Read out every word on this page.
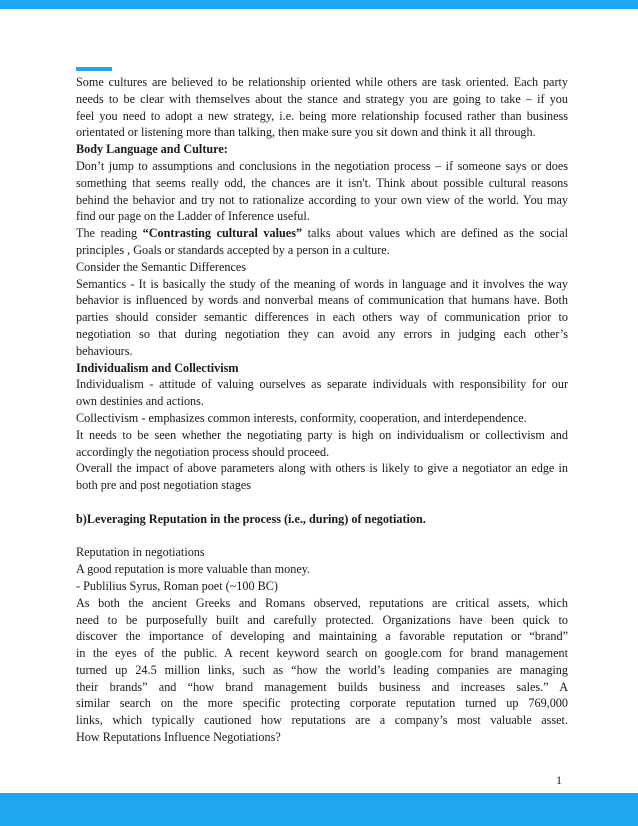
Some cultures are believed to be relationship oriented while others are task oriented. Each party
needs to be clear with themselves about the stance and strategy you are going to take – if you
feel you need to adopt a new strategy, i.e. being more relationship focused rather than business
orientated or listening more than talking, then make sure you sit down and think it all through.
Body Language and Culture:
Don’t jump to assumptions and conclusions in the negotiation process – if someone says or does
something that seems really odd, the chances are it isn't. Think about possible cultural reasons
behind the behavior and try not to rationalize according to your own view of the world. You may
find our page on the Ladder of Inference useful.
The reading “Contrasting cultural values” talks about values which are defined as the social
principles , Goals or standards accepted by a person in a culture.
Consider the Semantic Differences
Semantics - It is basically the study of the meaning of words in language and it involves the way
behavior is influenced by words and nonverbal means of communication that humans have. Both
parties should consider semantic differences in each others way of communication prior to
negotiation so that during negotiation they can avoid any errors in judging each other’s
behaviours.
Individualism and Collectivism
Individualism - attitude of valuing ourselves as separate individuals with responsibility for our
own destinies and actions.
Collectivism - emphasizes common interests, conformity, cooperation, and interdependence.
It needs to be seen whether the negotiating party is high on individualism or collectivism and
accordingly the negotiation process should proceed.
Overall the impact of above parameters along with others is likely to give a negotiator an edge in
both pre and post negotiation stages
b)Leveraging Reputation in the process (i.e., during) of negotiation.
Reputation in negotiations
A good reputation is more valuable than money.
- Publilius Syrus, Roman poet (~100 BC)
As both the ancient Greeks and Romans observed, reputations are critical assets, which
need to be purposefully built and carefully protected. Organizations have been quick to
discover the importance of developing and maintaining a favorable reputation or “brand”
in the eyes of the public. A recent keyword search on google.com for brand management
turned up 24.5 million links, such as “how the world’s leading companies are managing
their brands” and “how brand management builds business and increases sales.” A
similar search on the more specific protecting corporate reputation turned up 769,000
links, which typically cautioned how reputations are a company’s most valuable asset.
How Reputations Influence Negotiations?
1
